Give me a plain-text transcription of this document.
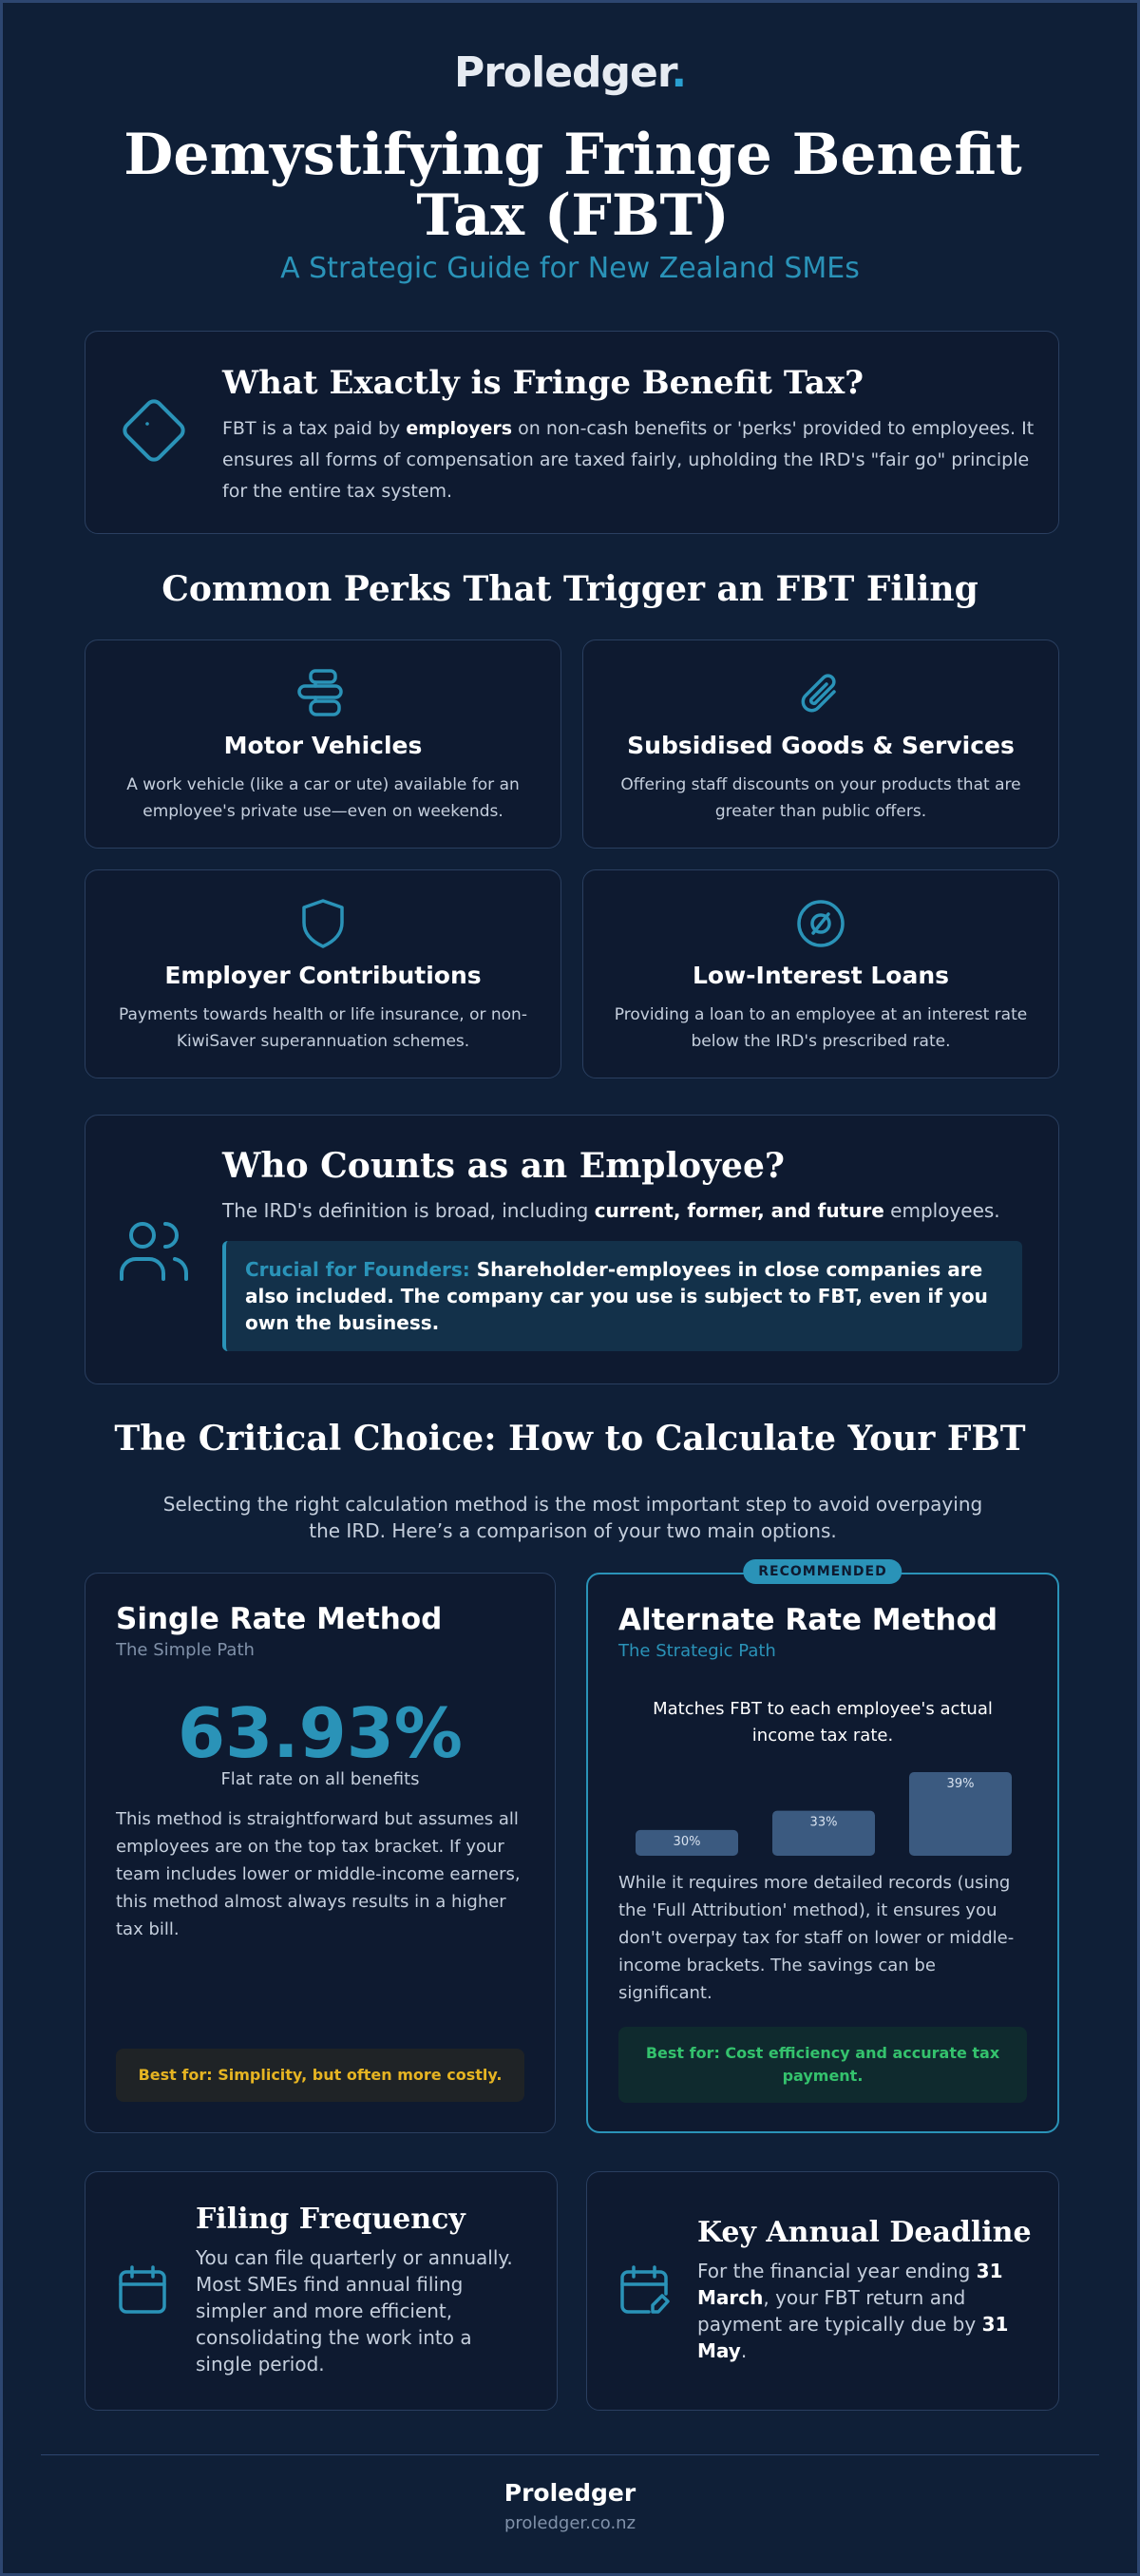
Proledger.
Demystifying Fringe Benefit Tax (FBT)
A Strategic Guide for New Zealand SMEs
What Exactly is Fringe Benefit Tax?

FBT is a tax paid by employers on non-cash benefits or 'perks' provided to employees. It ensures all forms of compensation are taxed fairly, upholding the IRD's "fair go" principle for the entire tax system.

Common Perks That Trigger an FBT Filing
Motor Vehicles
A work vehicle (like a car or ute) available for an employee's private use—even on weekends.
Subsidised Goods & Services
Offering staff discounts on your products that are greater than public offers.
Employer Contributions
Payments towards health or life insurance, or non-KiwiSaver superannuation schemes.
Low-Interest Loans
Providing a loan to an employee at an interest rate below the IRD's prescribed rate.
Who Counts as an Employee?

The IRD's definition is broad, including current, former, and future employees.

Crucial for Founders: Shareholder-employees in close companies are also included. The company car you use is subject to FBT, even if you own the business.
The Critical Choice: How to Calculate Your FBT

Selecting the right calculation method is the most important step to avoid overpaying the IRD. Here’s a comparison of your two main options.

Single Rate Method
The Simple Path
63.93%
Flat rate on all benefits
This method is straightforward but assumes all employees are on the top tax bracket. If your team includes lower or middle-income earners, this method almost always results in a higher tax bill.
Best for: Simplicity, but often more costly.
RECOMMENDED
Alternate Rate Method
The Strategic Path
Matches FBT to each employee's actual income tax rate.
30%
33%
39%
While it requires more detailed records (using the 'Full Attribution' method), it ensures you don't overpay tax for staff on lower or middle-income brackets. The savings can be significant.
Best for: Cost efficiency and accurate tax payment.
Filing Frequency

You can file quarterly or annually. Most SMEs find annual filing simpler and more efficient, consolidating the work into a single period.

Key Annual Deadline

For the financial year ending 31 March, your FBT return and payment are typically due by 31 May.

Proledger
proledger.co.nz
